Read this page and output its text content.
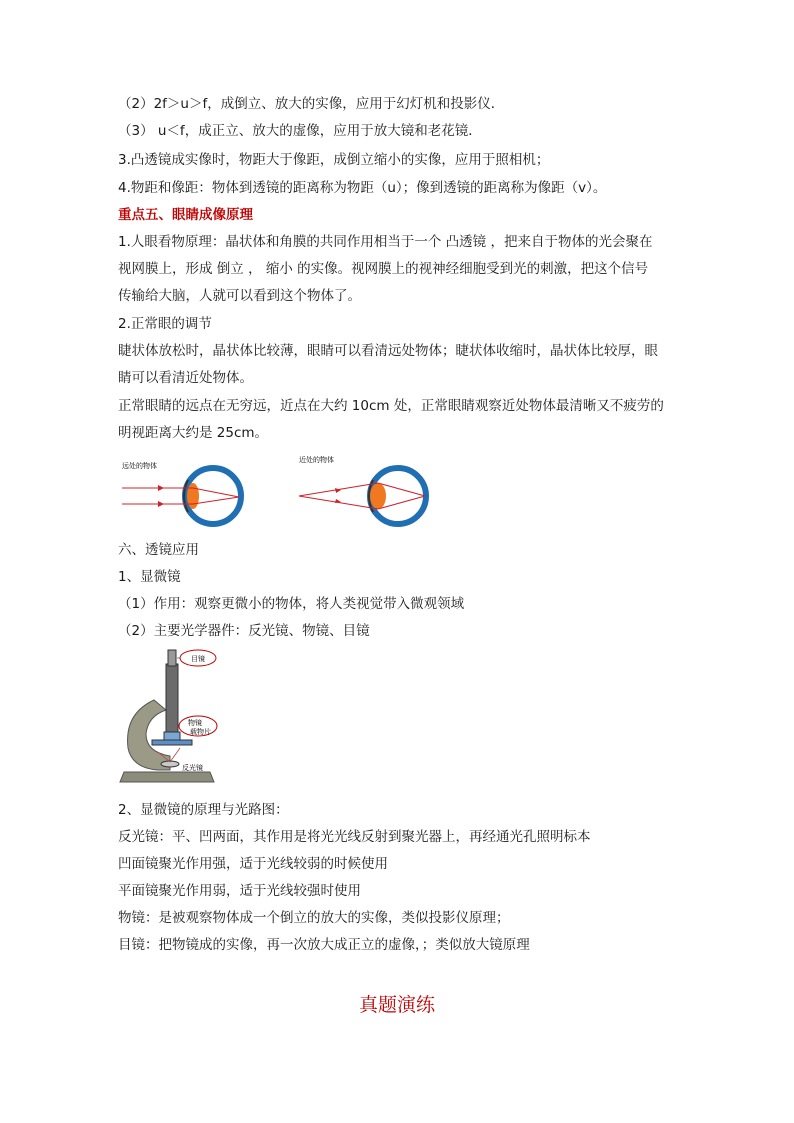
（2）2f＞u＞f，成倒立、放大的实像，应用于幻灯机和投影仪．
（3） u＜f，成正立、放大的虚像，应用于放大镜和老花镜．
3.凸透镜成实像时，物距大于像距，成倒立缩小的实像，应用于照相机；
4.物距和像距：物体到透镜的距离称为物距（u）；像到透镜的距离称为像距（v）。
重点五、眼睛成像原理
1.人眼看物原理：晶状体和角膜的共同作用相当于一个 凸透镜 ，把来自于物体的光会聚在
视网膜上，形成 倒立 ， 缩小 的实像。视网膜上的视神经细胞受到光的刺激，把这个信号
传输给大脑，人就可以看到这个物体了。
2.正常眼的调节
睫状体放松时，晶状体比较薄，眼睛可以看清远处物体；睫状体收缩时，晶状体比较厚，眼
睛可以看清近处物体。
正常眼睛的远点在无穷远，近点在大约 10cm 处，正常眼睛观察近处物体最清晰又不疲劳的
明视距离大约是 25cm。
远处的物体
近处的物体
六、透镜应用
1、显微镜
（1）作用：观察更微小的物体，将人类视觉带入微观领域
（2）主要光学器件：反光镜、物镜、目镜
目镜
物镜
载物片
反光镜
2、显微镜的原理与光路图：
反光镜：平、凹两面，其作用是将光光线反射到聚光器上，再经通光孔照明标本
凹面镜聚光作用强，适于光线较弱的时候使用
平面镜聚光作用弱，适于光线较强时使用
物镜：是被观察物体成一个倒立的放大的实像，类似投影仪原理；
目镜：把物镜成的实像，再一次放大成正立的虚像，；类似放大镜原理
真题演练
